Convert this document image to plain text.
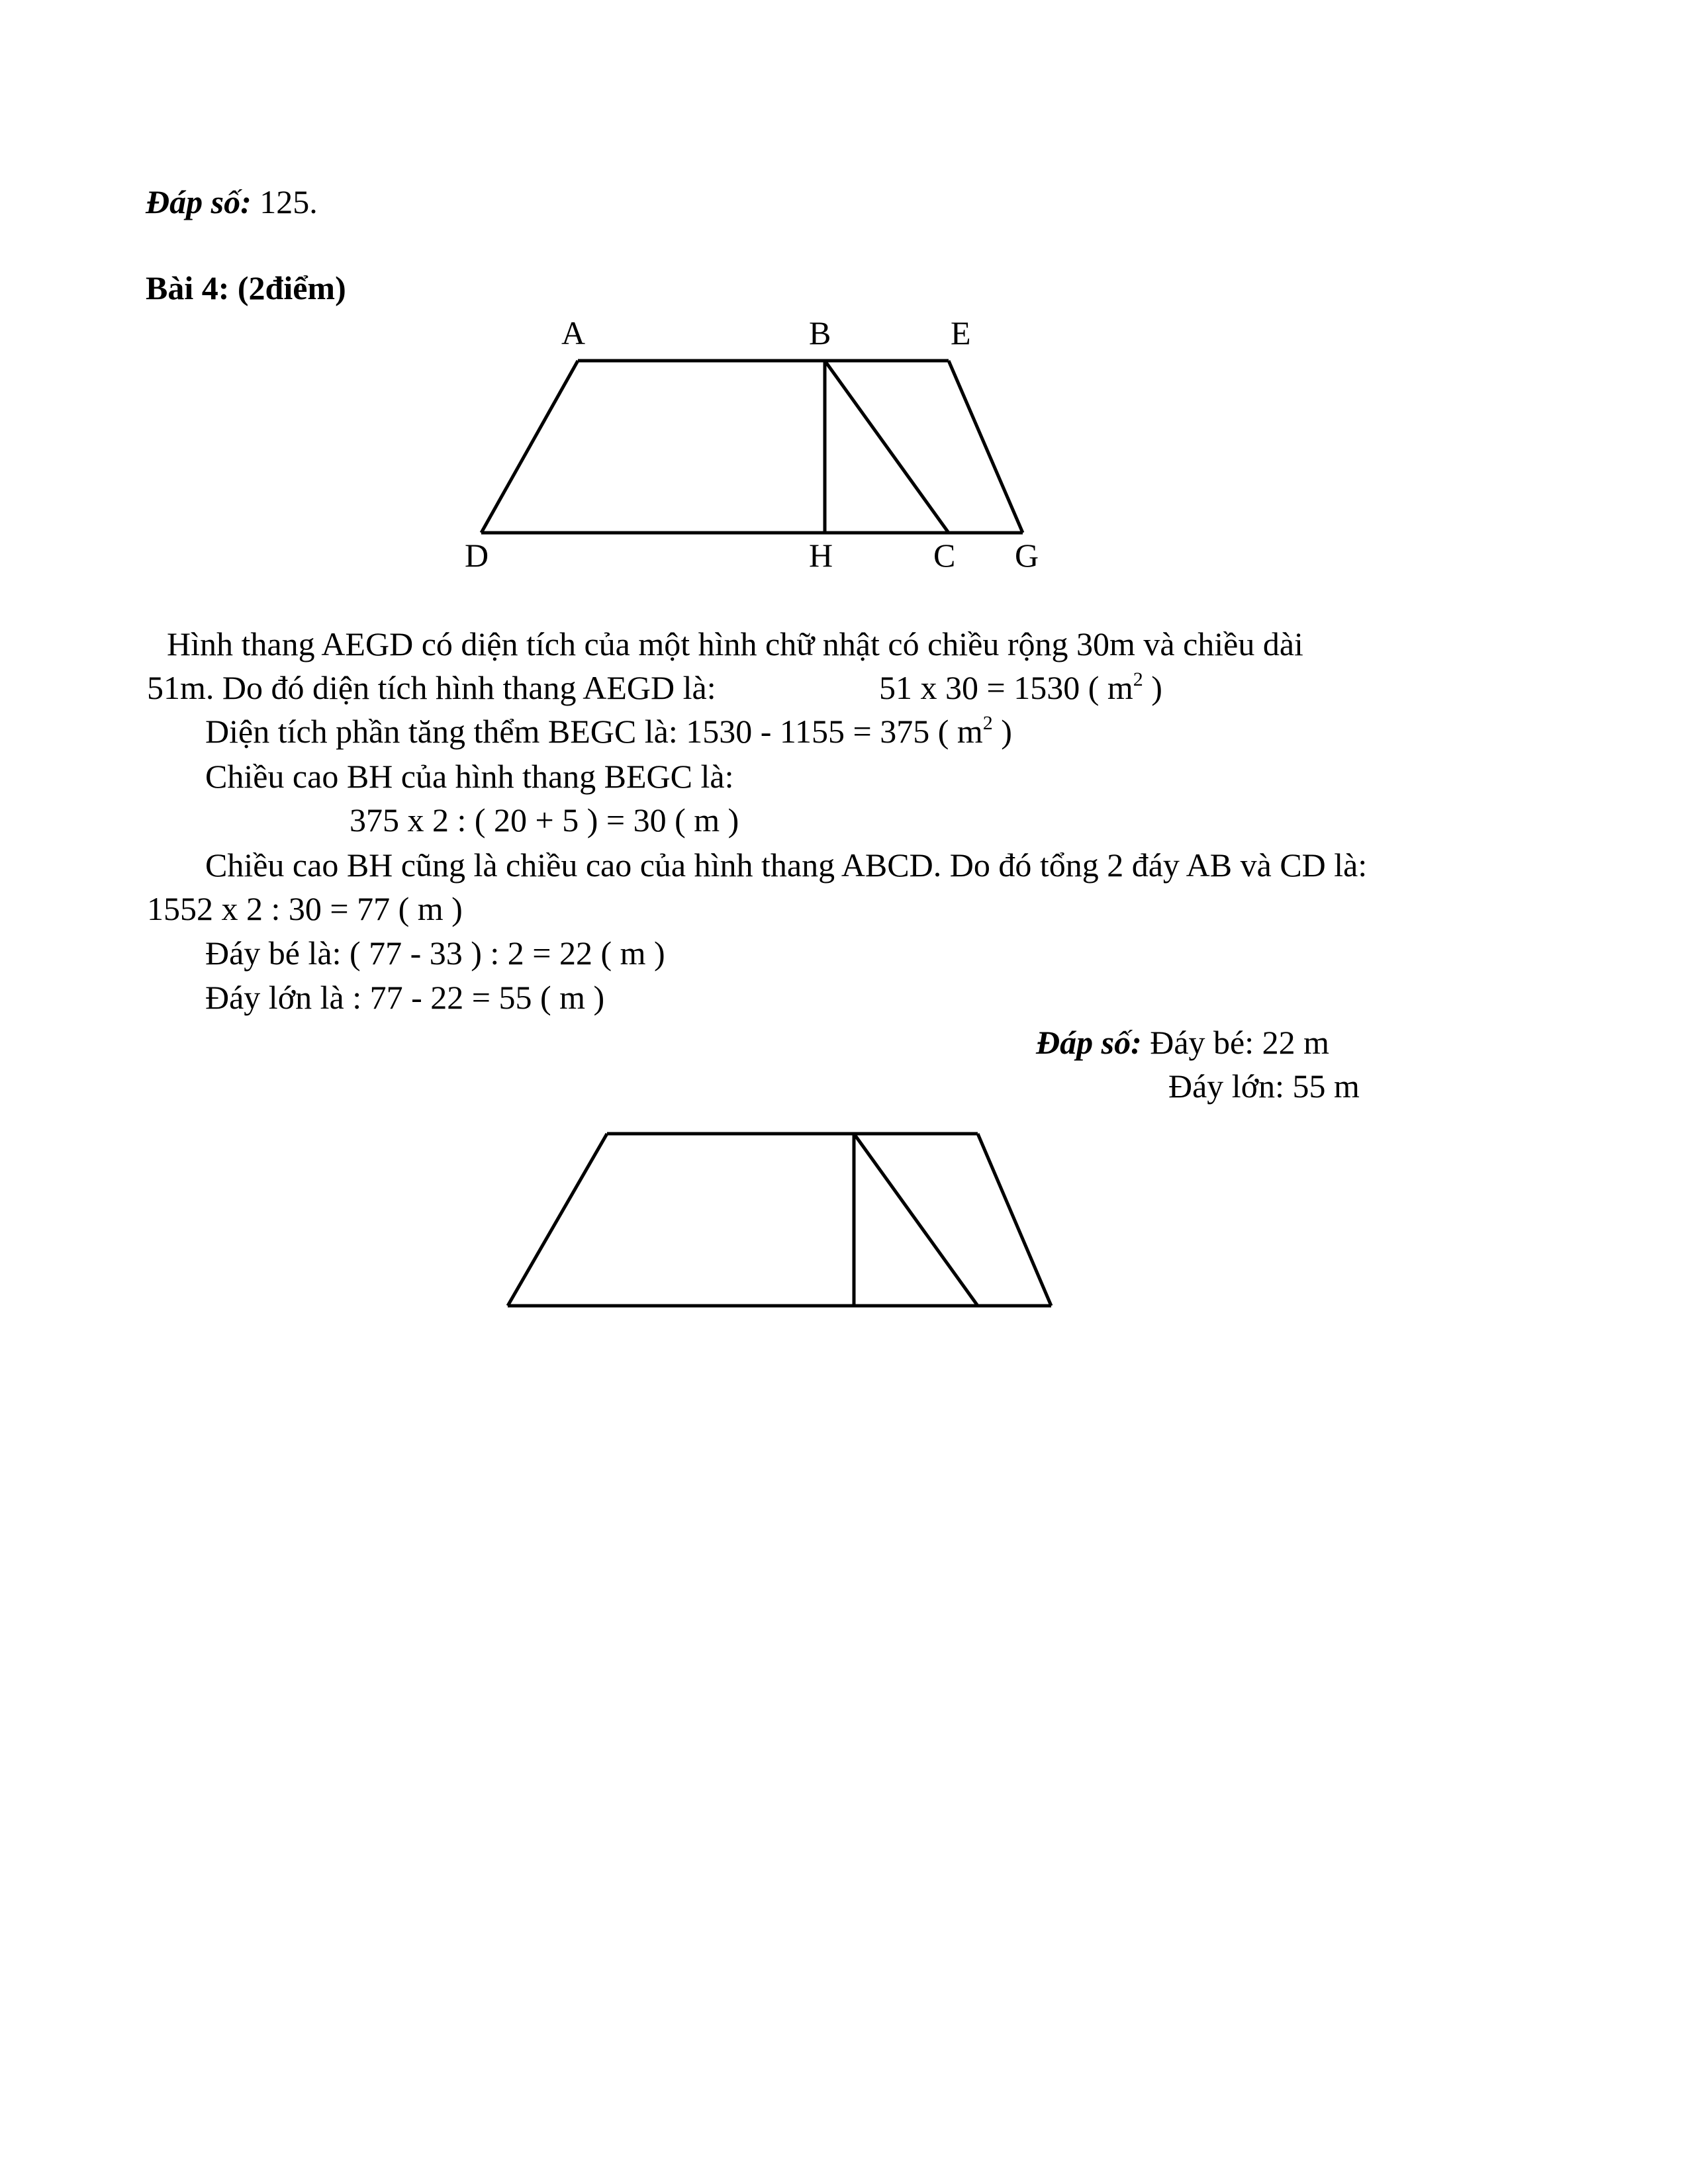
Đáp số: 125.
Bài 4: (2điểm)
A	B	E
D	H	C G
Hình thang AEGD có diện tích của một hình chữ nhật có chiều rộng 30m và chiều dài
51m. Do đó diện tích hình thang AEGD là:	51 x 30 = 1530 ( $m^2$ )
Diện tích phần tăng thểm BEGC là: 1530 - 1155 = 375 ( $m^2$ )
Chiều cao BH của hình thang BEGC là:
375 x 2 : ( 20 + 5 ) = 30 ( m )
Chiều cao BH cũng là chiều cao của hình thang ABCD. Do đó tổng 2 đáy AB và CD là:
1552 x 2 : 30 = 77 ( m )
Đáy bé là: ( 77 - 33 ) : 2 = 22 ( m )
Đáy lớn là : 77 - 22 = 55 ( m )
Đáp số: Đáy bé: 22 m
Đáy lớn: 55 m
